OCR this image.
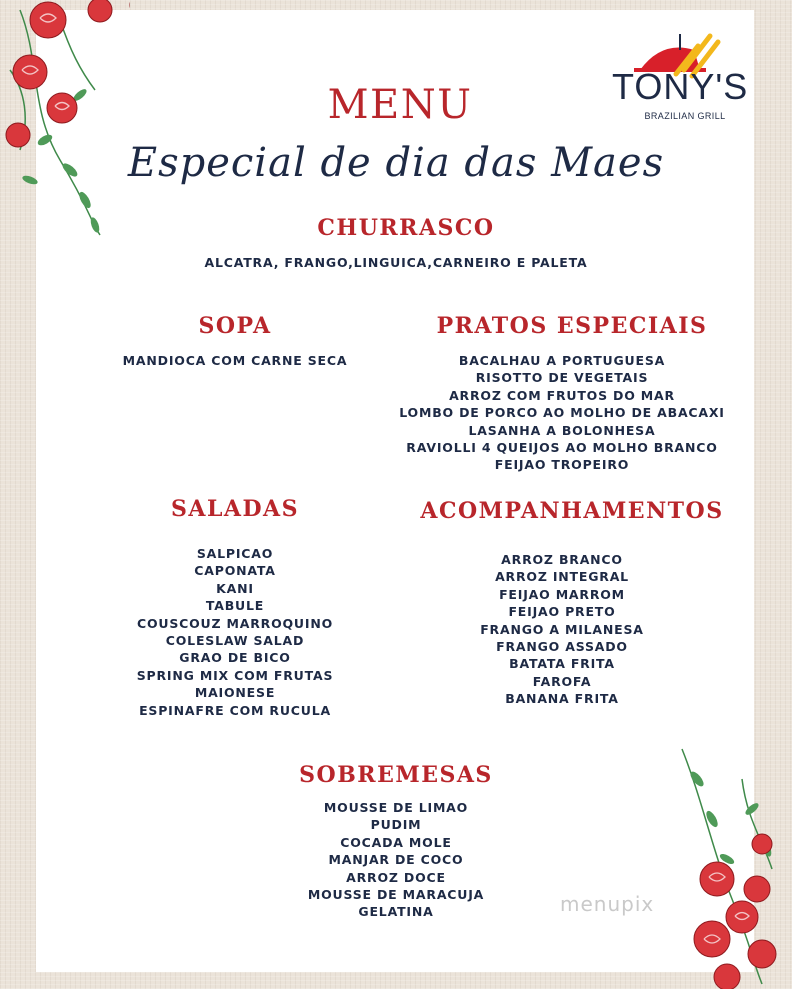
TONY'S
BRAZILIAN GRILL
MENU
Especial de dia das Maes
CHURRASCO
ALCATRA, FRANGO,LINGUICA,CARNEIRO E PALETA
SOPA
MANDIOCA COM CARNE SECA
PRATOS ESPECIAIS
BACALHAU A PORTUGUESA
RISOTTO DE VEGETAIS
ARROZ COM FRUTOS DO MAR
LOMBO DE PORCO AO MOLHO DE ABACAXI
LASANHA A BOLONHESA
RAVIOLLI 4 QUEIJOS AO MOLHO BRANCO
FEIJAO TROPEIRO
SALADAS
SALPICAO
CAPONATA
KANI
TABULE
COUSCOUZ MARROQUINO
COLESLAW SALAD
GRAO DE BICO
SPRING MIX COM FRUTAS
MAIONESE
ESPINAFRE COM RUCULA
ACOMPANHAMENTOS
ARROZ BRANCO
ARROZ INTEGRAL
FEIJAO MARROM
FEIJAO PRETO
FRANGO A MILANESA
FRANGO ASSADO
BATATA FRITA
FAROFA
BANANA FRITA
SOBREMESAS
MOUSSE DE LIMAO
PUDIM
COCADA MOLE
MANJAR DE COCO
ARROZ DOCE
MOUSSE DE MARACUJA
GELATINA	menupix
